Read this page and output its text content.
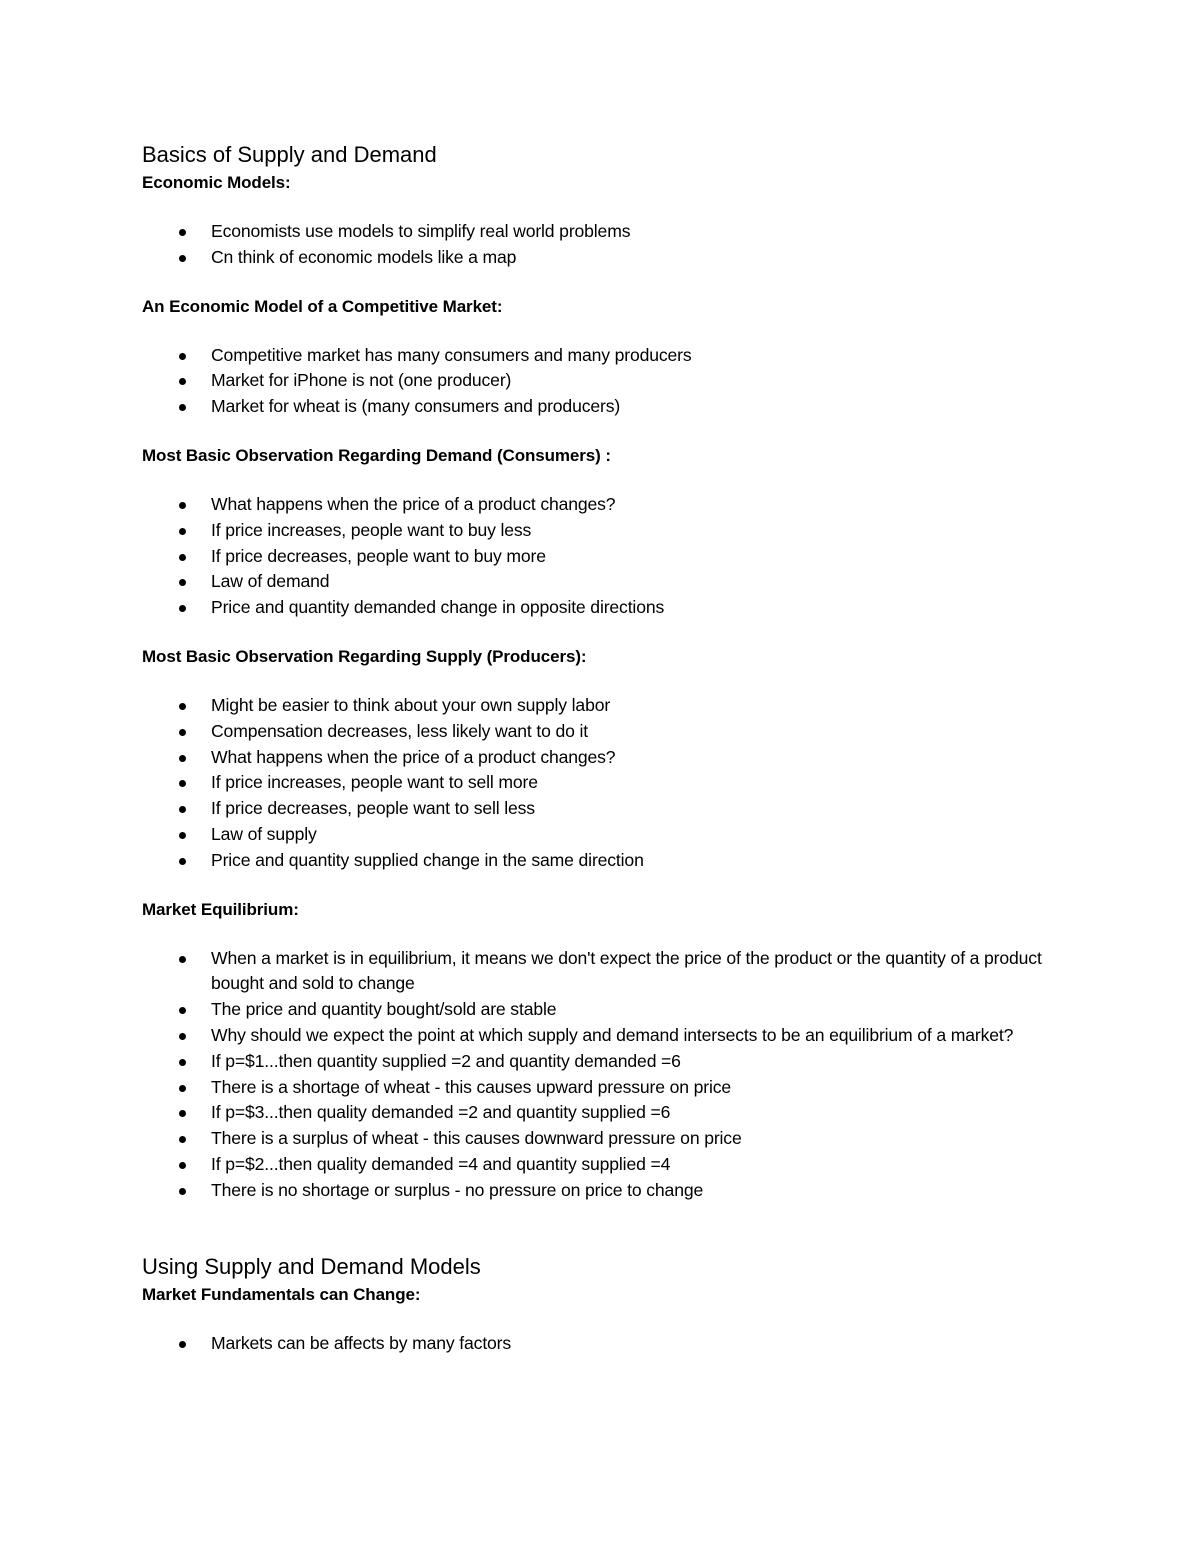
Basics of Supply and Demand
Economic Models:
Economists use models to simplify real world problems
Cn think of economic models like a map
An Economic Model of a Competitive Market:
Competitive market has many consumers and many producers
Market for iPhone is not (one producer)
Market for wheat is (many consumers and producers)
Most Basic Observation Regarding Demand (Consumers) :
What happens when the price of a product changes?
If price increases, people want to buy less
If price decreases, people want to buy more
Law of demand
Price and quantity demanded change in opposite directions
Most Basic Observation Regarding Supply (Producers):
Might be easier to think about your own supply labor
Compensation decreases, less likely want to do it
What happens when the price of a product changes?
If price increases, people want to sell more
If price decreases, people want to sell less
Law of supply
Price and quantity supplied change in the same direction
Market Equilibrium:
When a market is in equilibrium, it means we don't expect the price of the product or the quantity of a product bought and sold to change
The price and quantity bought/sold are stable
Why should we expect the point at which supply and demand intersects to be an equilibrium of a market?
If p=$1...then quantity supplied =2 and quantity demanded =6
There is a shortage of wheat - this causes upward pressure on price
If p=$3...then quality demanded =2 and quantity supplied =6
There is a surplus of wheat - this causes downward pressure on price
If p=$2...then quality demanded =4 and quantity supplied =4
There is no shortage or surplus - no pressure on price to change
Using Supply and Demand Models
Market Fundamentals can Change:
Markets can be affects by many factors
